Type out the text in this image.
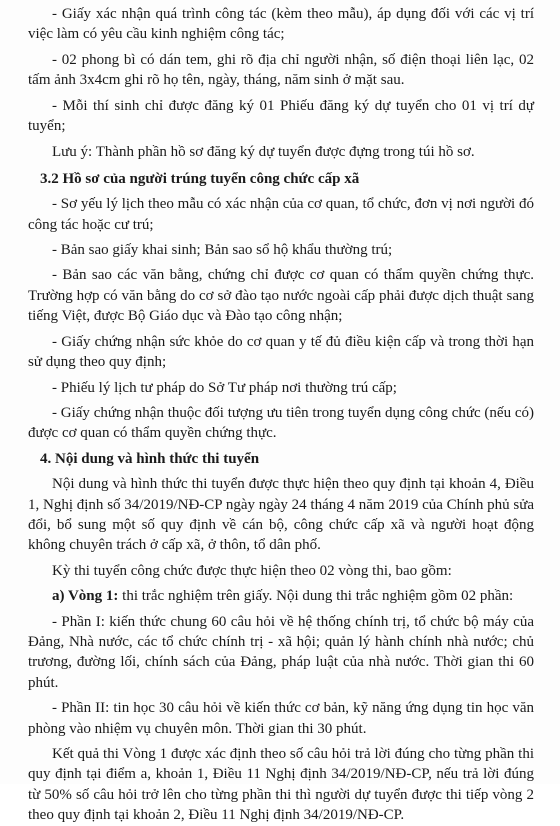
- Giấy xác nhận quá trình công tác (kèm theo mẫu), áp dụng đối với các vị trí việc làm có yêu cầu kinh nghiệm công tác;

- 02 phong bì có dán tem, ghi rõ địa chỉ người nhận, số điện thoại liên lạc, 02 tấm ảnh 3x4cm ghi rõ họ tên, ngày, tháng, năm sinh ở mặt sau.

- Mỗi thí sinh chỉ được đăng ký 01 Phiếu đăng ký dự tuyển cho 01 vị trí dự tuyển;

Lưu ý: Thành phần hồ sơ đăng ký dự tuyển được đựng trong túi hồ sơ.

3.2 Hồ sơ của người trúng tuyển công chức cấp xã

- Sơ yếu lý lịch theo mẫu có xác nhận của cơ quan, tổ chức, đơn vị nơi người đó công tác hoặc cư trú;

- Bản sao giấy khai sinh; Bản sao sổ hộ khẩu thường trú;

- Bản sao các văn bằng, chứng chỉ được cơ quan có thẩm quyền chứng thực. Trường hợp có văn bằng do cơ sở đào tạo nước ngoài cấp phải được dịch thuật sang tiếng Việt, được Bộ Giáo dục và Đào tạo công nhận;

- Giấy chứng nhận sức khỏe do cơ quan y tế đủ điều kiện cấp và trong thời hạn sử dụng theo quy định;

- Phiếu lý lịch tư pháp do Sở Tư pháp nơi thường trú cấp;

- Giấy chứng nhận thuộc đối tượng ưu tiên trong tuyển dụng công chức (nếu có) được cơ quan có thẩm quyền chứng thực.

4. Nội dung và hình thức thi tuyển

Nội dung và hình thức thi tuyển được thực hiện theo quy định tại khoản 4, Điều 1, Nghị định số 34/2019/NĐ-CP ngày ngày 24 tháng 4 năm 2019 của Chính phủ sửa đổi, bổ sung một số quy định về cán bộ, công chức cấp xã và người hoạt động không chuyên trách ở cấp xã, ở thôn, tổ dân phố.

Kỳ thi tuyển công chức được thực hiện theo 02 vòng thi, bao gồm:

a) Vòng 1: thi trắc nghiệm trên giấy. Nội dung thi trắc nghiệm gồm 02 phần:

- Phần I: kiến thức chung 60 câu hỏi về hệ thống chính trị, tổ chức bộ máy của Đảng, Nhà nước, các tổ chức chính trị - xã hội; quản lý hành chính nhà nước; chủ trương, đường lối, chính sách của Đảng, pháp luật của nhà nước. Thời gian thi 60 phút.

- Phần II: tin học 30 câu hỏi về kiến thức cơ bản, kỹ năng ứng dụng tin học văn phòng vào nhiệm vụ chuyên môn. Thời gian thi 30 phút.

Kết quả thi Vòng 1 được xác định theo số câu hỏi trả lời đúng cho từng phần thi quy định tại điểm a, khoản 1, Điều 11 Nghị định 34/2019/NĐ-CP, nếu trả lời đúng từ 50% số câu hỏi trở lên cho từng phần thi thì người dự tuyển được thi tiếp vòng 2 theo quy định tại khoản 2, Điều 11 Nghị định 34/2019/NĐ-CP.
